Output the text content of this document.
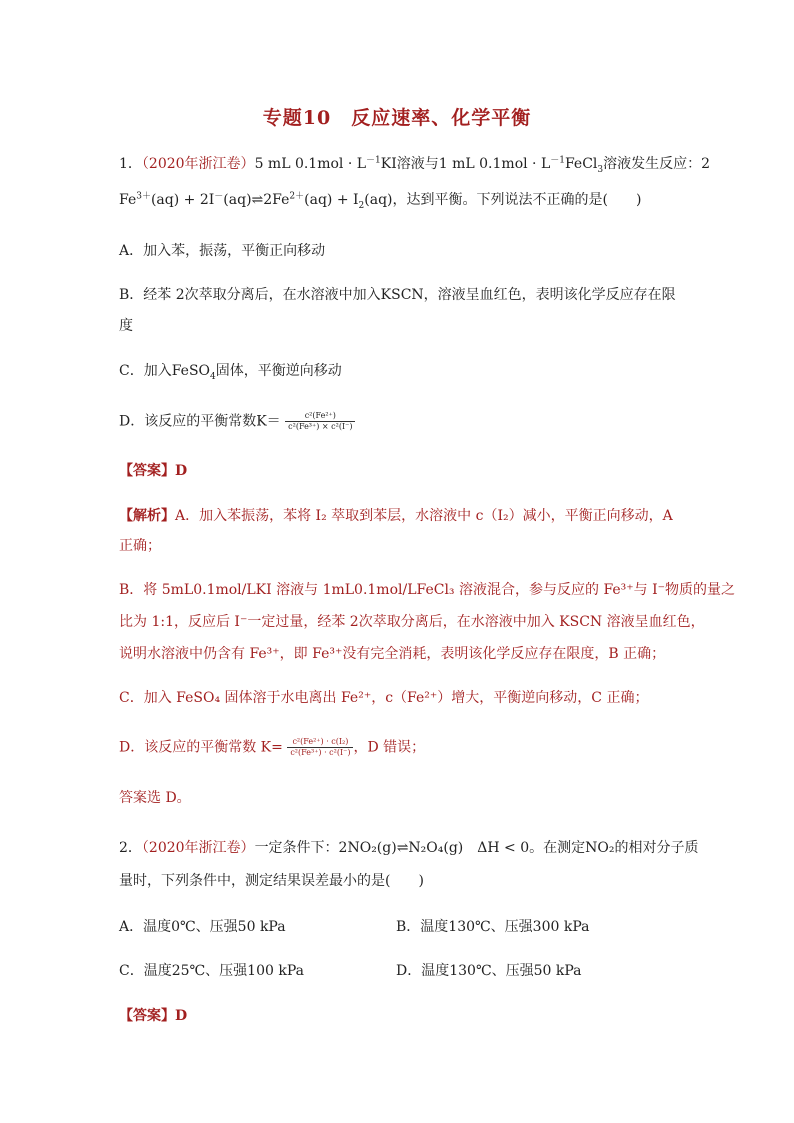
专题10　反应速率、化学平衡
1．（2020年浙江卷）5 mL $0.1mol \cdot L^{-1}KI$溶液与1 mL $0.1mol \cdot L^{-1}FeCl_3$溶液发生反应：2
$Fe^{3+}(aq)$ + $2I^-(aq)\rightleftharpoons 2Fe^{2+}(aq) + I_2(aq)$，达到平衡。下列说法不正确的是(　　)
A．加入苯，振荡，平衡正向移动
B．经苯 2次萃取分离后，在水溶液中加入KSCN，溶液呈血红色，表明该化学反应存在限
度
C．加入FeSO$_4$固体，平衡逆向移动
D．该反应的平衡常数$K= \frac{\text{c²(Fe²⁺)}}{\text{c²(Fe³⁺) × c²(I⁻)}}$
【答案】D
【解析】A．加入苯振荡，苯将 I₂ 萃取到苯层，水溶液中 c（I₂）减小，平衡正向移动，A
正确；
B．将 5mL0.1mol/LKI 溶液与 1mL0.1mol/LFeCl₃ 溶液混合，参与反应的 Fe³⁺与 I⁻物质的量之
比为 1:1，反应后 I⁻一定过量，经苯 2次萃取分离后，在水溶液中加入 KSCN 溶液呈血红色，
说明水溶液中仍含有 Fe³⁺，即 Fe³⁺没有完全消耗，表明该化学反应存在限度，B 正确；
C．加入 FeSO₄ 固体溶于水电离出 Fe²⁺，c（Fe²⁺）增大，平衡逆向移动，C 正确；
D．该反应的平衡常数 $K= \frac{\text{c²(Fe²⁺) · c(I₂)}}{\text{c²(Fe³⁺) · c²(I⁻)}}$ ，D 错误；
答案选 D。
2．（2020年浙江卷）一定条件下：2NO₂(g)⇌N₂O₄(g)　ΔH < 0。在测定NO₂的相对分子质
量时，下列条件中，测定结果误差最小的是(　　)
A．温度0℃、压强50 kPa	B．温度130℃、压强300 kPa
C．温度25℃、压强100 kPa	D．温度130℃、压强50 kPa
【答案】D
